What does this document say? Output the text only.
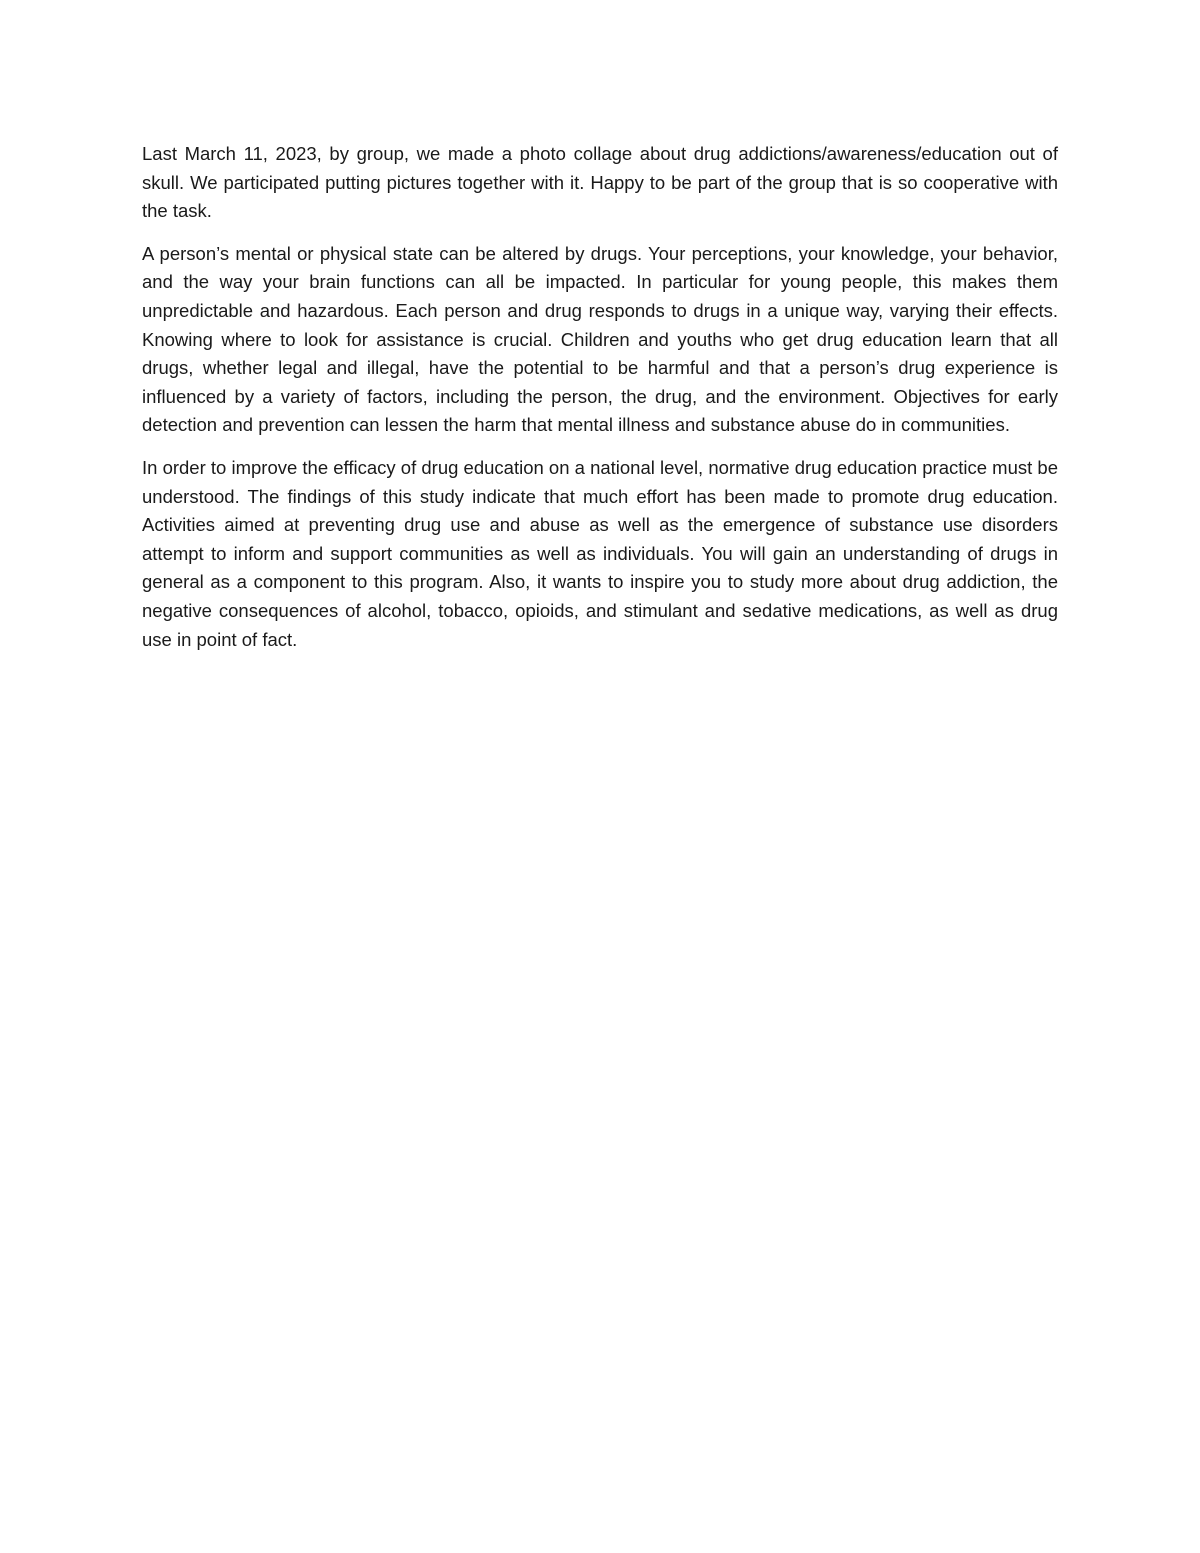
Last March 11, 2023, by group, we made a photo collage about drug addictions/awareness/education out of skull. We participated putting pictures together with it. Happy to be part of the group that is so cooperative with the task.

A person’s mental or physical state can be altered by drugs. Your perceptions, your knowledge, your behavior, and the way your brain functions can all be impacted. In particular for young people, this makes them unpredictable and hazardous. Each person and drug responds to drugs in a unique way, varying their effects. Knowing where to look for assistance is crucial. Children and youths who get drug education learn that all drugs, whether legal and illegal, have the potential to be harmful and that a person’s drug experience is influenced by a variety of factors, including the person, the drug, and the environment. Objectives for early detection and prevention can lessen the harm that mental illness and substance abuse do in communities.

In order to improve the efficacy of drug education on a national level, normative drug education practice must be understood. The findings of this study indicate that much effort has been made to promote drug education. Activities aimed at preventing drug use and abuse as well as the emergence of substance use disorders attempt to inform and support communities as well as individuals. You will gain an understanding of drugs in general as a component to this program. Also, it wants to inspire you to study more about drug addiction, the negative consequences of alcohol, tobacco, opioids, and stimulant and sedative medications, as well as drug use in point of fact.
